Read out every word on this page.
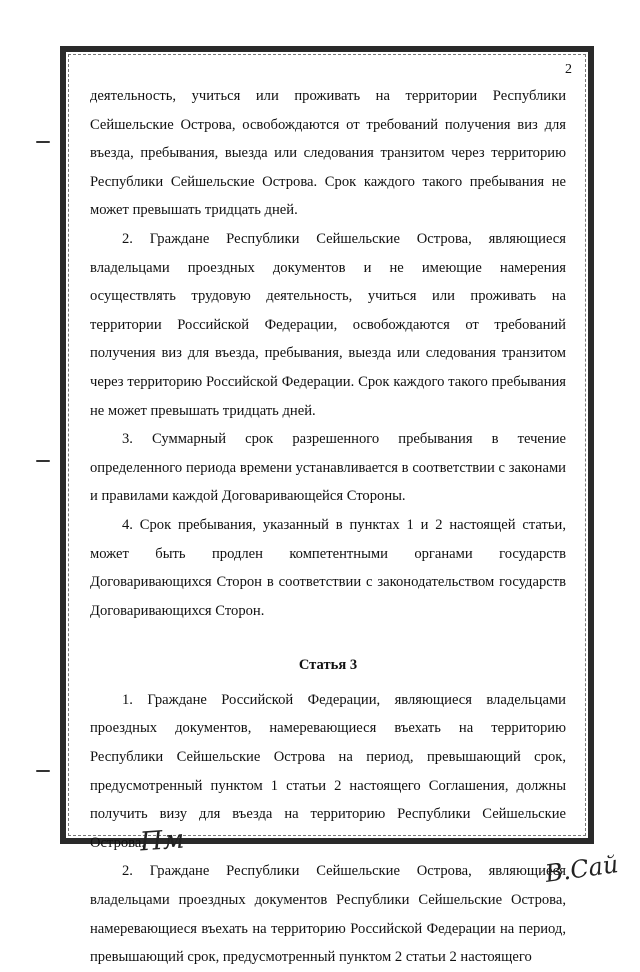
2

деятельность, учиться или проживать на территории Республики Сейшельские Острова, освобождаются от требований получения виз для въезда, пребывания, выезда или следования транзитом через территорию Республики Сейшельские Острова. Срок каждого такого пребывания не может превышать тридцать дней.

2. Граждане Республики Сейшельские Острова, являющиеся владельцами проездных документов и не имеющие намерения осуществлять трудовую деятельность, учиться или проживать на территории Российской Федерации, освобождаются от требований получения виз для въезда, пребывания, выезда или следования транзитом через территорию Российской Федерации. Срок каждого такого пребывания не может превышать тридцать дней.

3. Суммарный срок разрешенного пребывания в течение определенного периода времени устанавливается в соответствии с законами и правилами каждой Договаривающейся Стороны.

4. Срок пребывания, указанный в пунктах 1 и 2 настоящей статьи, может быть продлен компетентными органами государств Договаривающихся Сторон в соответствии с законодательством государств Договаривающихся Сторон.

Статья 3

1. Граждане Российской Федерации, являющиеся владельцами проездных документов, намеревающиеся въехать на территорию Республики Сейшельские Острова на период, превышающий срок, предусмотренный пунктом 1 статьи 2 настоящего Соглашения, должны получить визу для въезда на территорию Республики Сейшельские Острова.

2. Граждане Республики Сейшельские Острова, являющиеся владельцами проездных документов Республики Сейшельские Острова, намеревающиеся въехать на территорию Российской Федерации на период, превышающий срок, предусмотренный пунктом 2 статьи 2 настоящего

Пм
В.Сай
